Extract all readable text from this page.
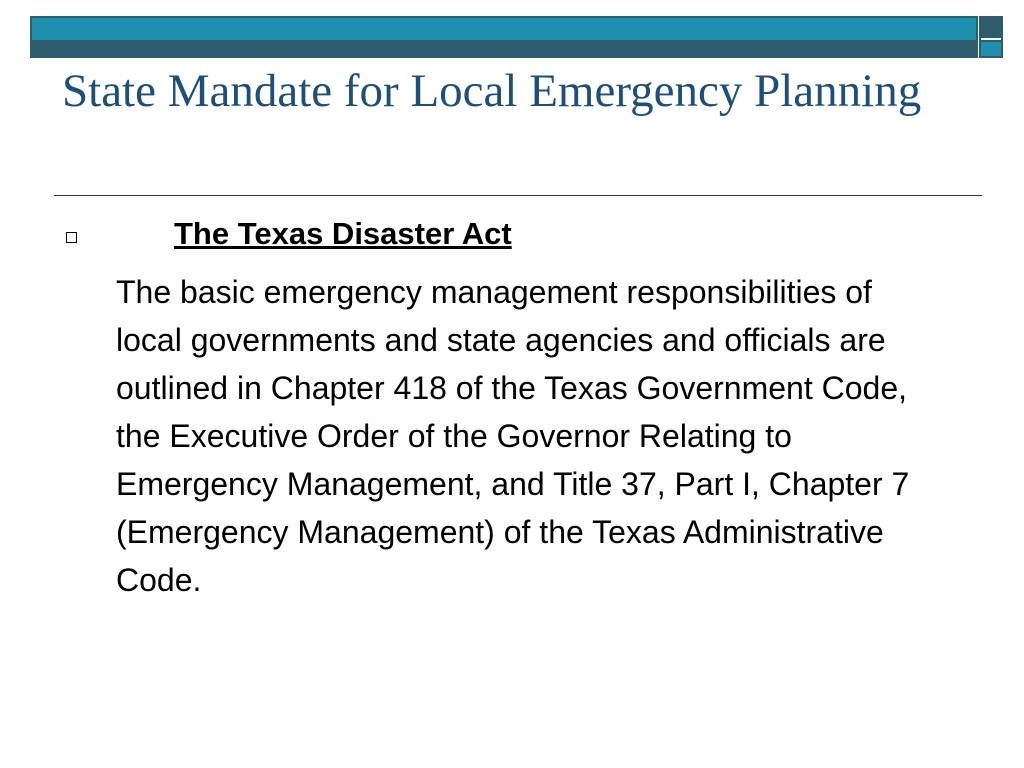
State Mandate for Local Emergency Planning
The Texas Disaster Act

The basic emergency management responsibilities of local governments and state agencies and officials are outlined in Chapter 418 of the Texas Government Code, the Executive Order of the Governor Relating to Emergency Management, and Title 37, Part I, Chapter 7 (Emergency Management) of the Texas Administrative Code.
